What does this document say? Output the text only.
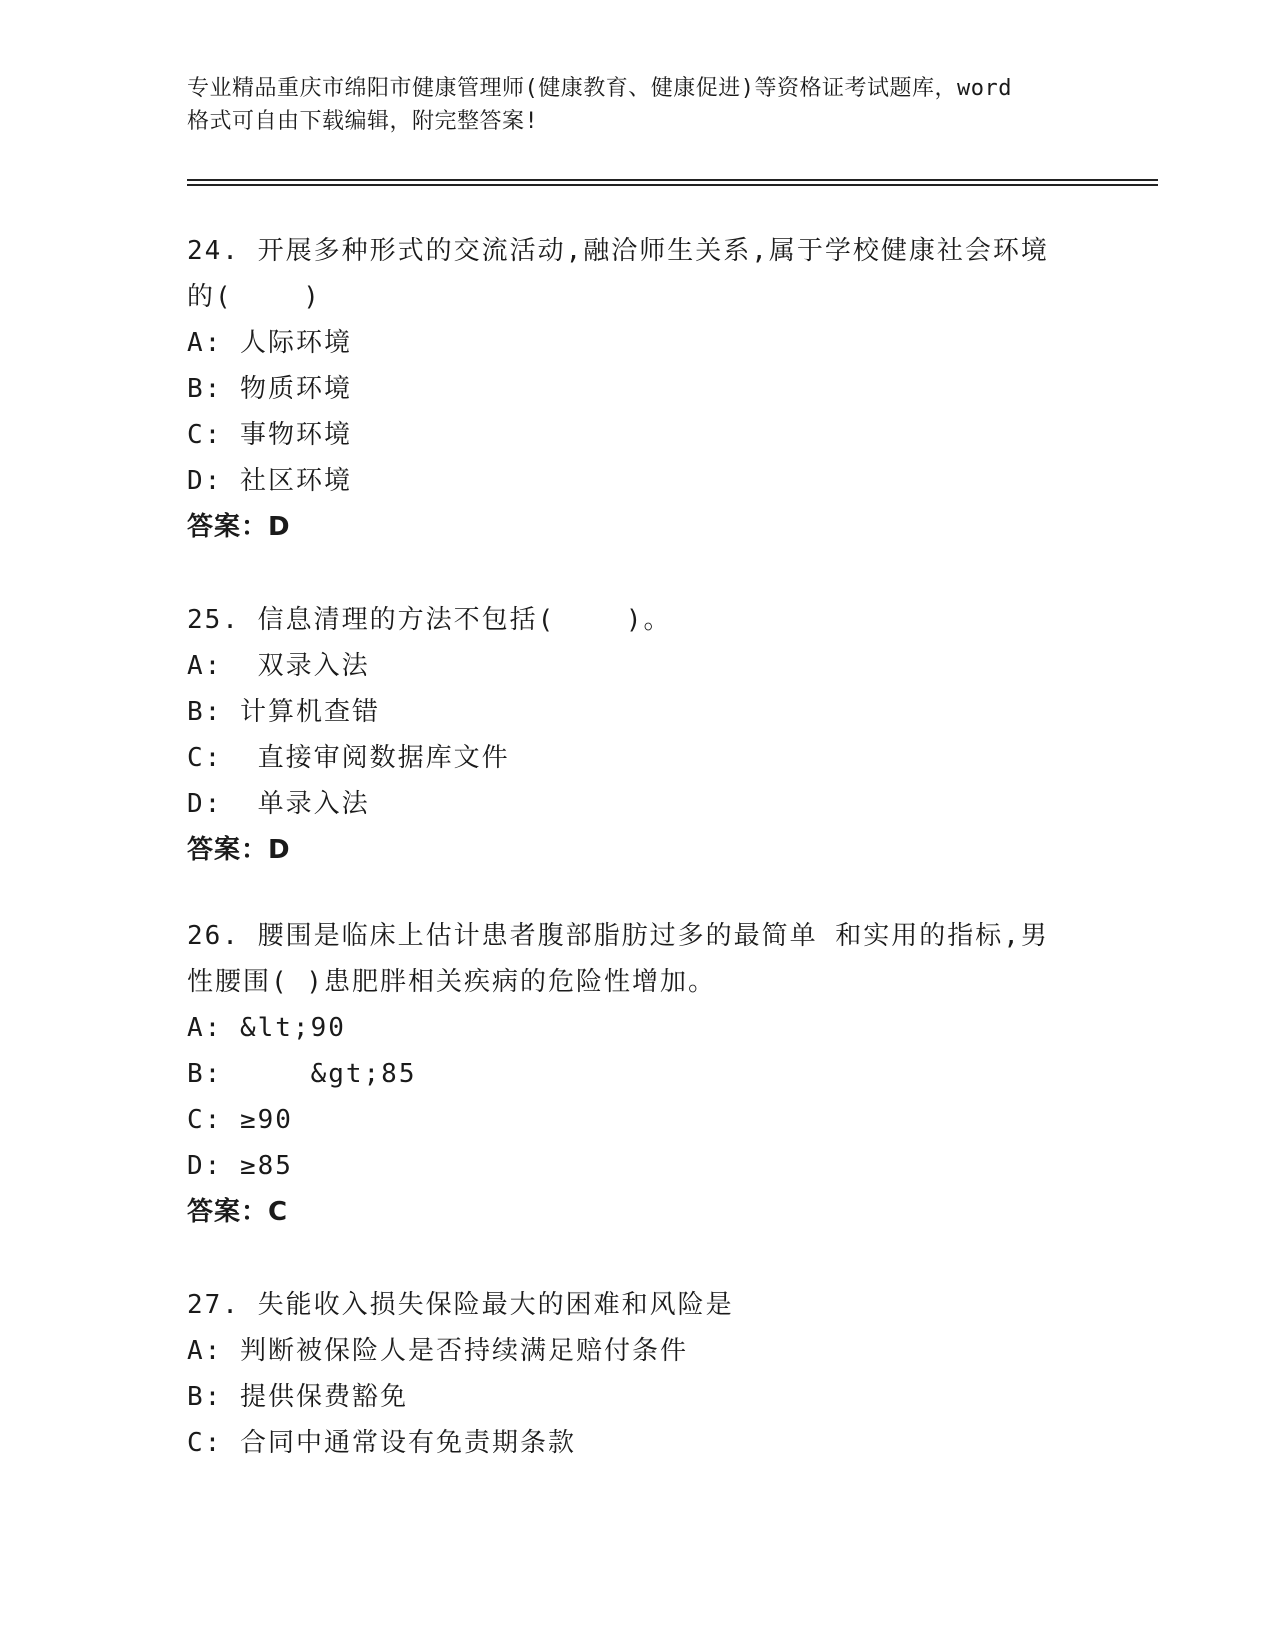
专业精品重庆市绵阳市健康管理师(健康教育、健康促进)等资格证考试题库，word
格式可自由下载编辑，附完整答案!
24. 开展多种形式的交流活动,融洽师生关系,属于学校健康社会环境
的(    )
A: 人际环境
B: 物质环境
C: 事物环境
D: 社区环境
答案：D
25. 信息清理的方法不包括(    )。
A:  双录入法
B: 计算机查错
C:  直接审阅数据库文件
D:  单录入法
答案：D
26. 腰围是临床上估计患者腹部脂肪过多的最简单 和实用的指标,男
性腰围( )患肥胖相关疾病的危险性增加。
A: &lt;90
B:     &gt;85
C: ≥90
D: ≥85
答案：C
27. 失能收入损失保险最大的困难和风险是
A: 判断被保险人是否持续满足赔付条件
B: 提供保费豁免
C: 合同中通常设有免责期条款
